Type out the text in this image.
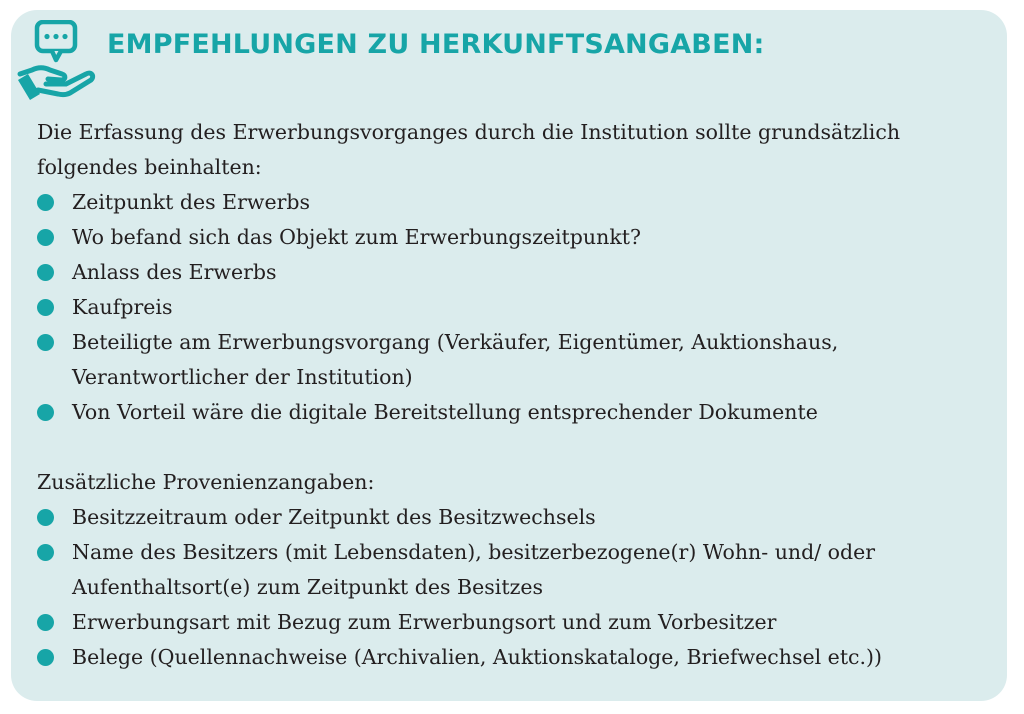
EMPFEHLUNGEN ZU HERKUNFTSANGABEN:

Die Erfassung des Erwerbungsvorganges durch die Institution sollte grundsätzlich folgendes beinhalten:

Zeitpunkt des Erwerbs
Wo befand sich das Objekt zum Erwerbungszeitpunkt?
Anlass des Erwerbs
Kaufpreis
Beteiligte am Erwerbungsvorgang (Verkäufer, Eigentümer, Auktionshaus, Verantwortlicher der Institution)
Von Vorteil wäre die digitale Bereitstellung entsprechender Dokumente

Zusätzliche Provenienzangaben:

Besitzzeitraum oder Zeitpunkt des Besitzwechsels
Name des Besitzers (mit Lebensdaten), besitzerbezogene(r) Wohn- und/ oder Aufenthaltsort(e) zum Zeitpunkt des Besitzes
Erwerbungsart mit Bezug zum Erwerbungsort und zum Vorbesitzer
Belege (Quellennachweise (Archivalien, Auktionskataloge, Briefwechsel etc.))
